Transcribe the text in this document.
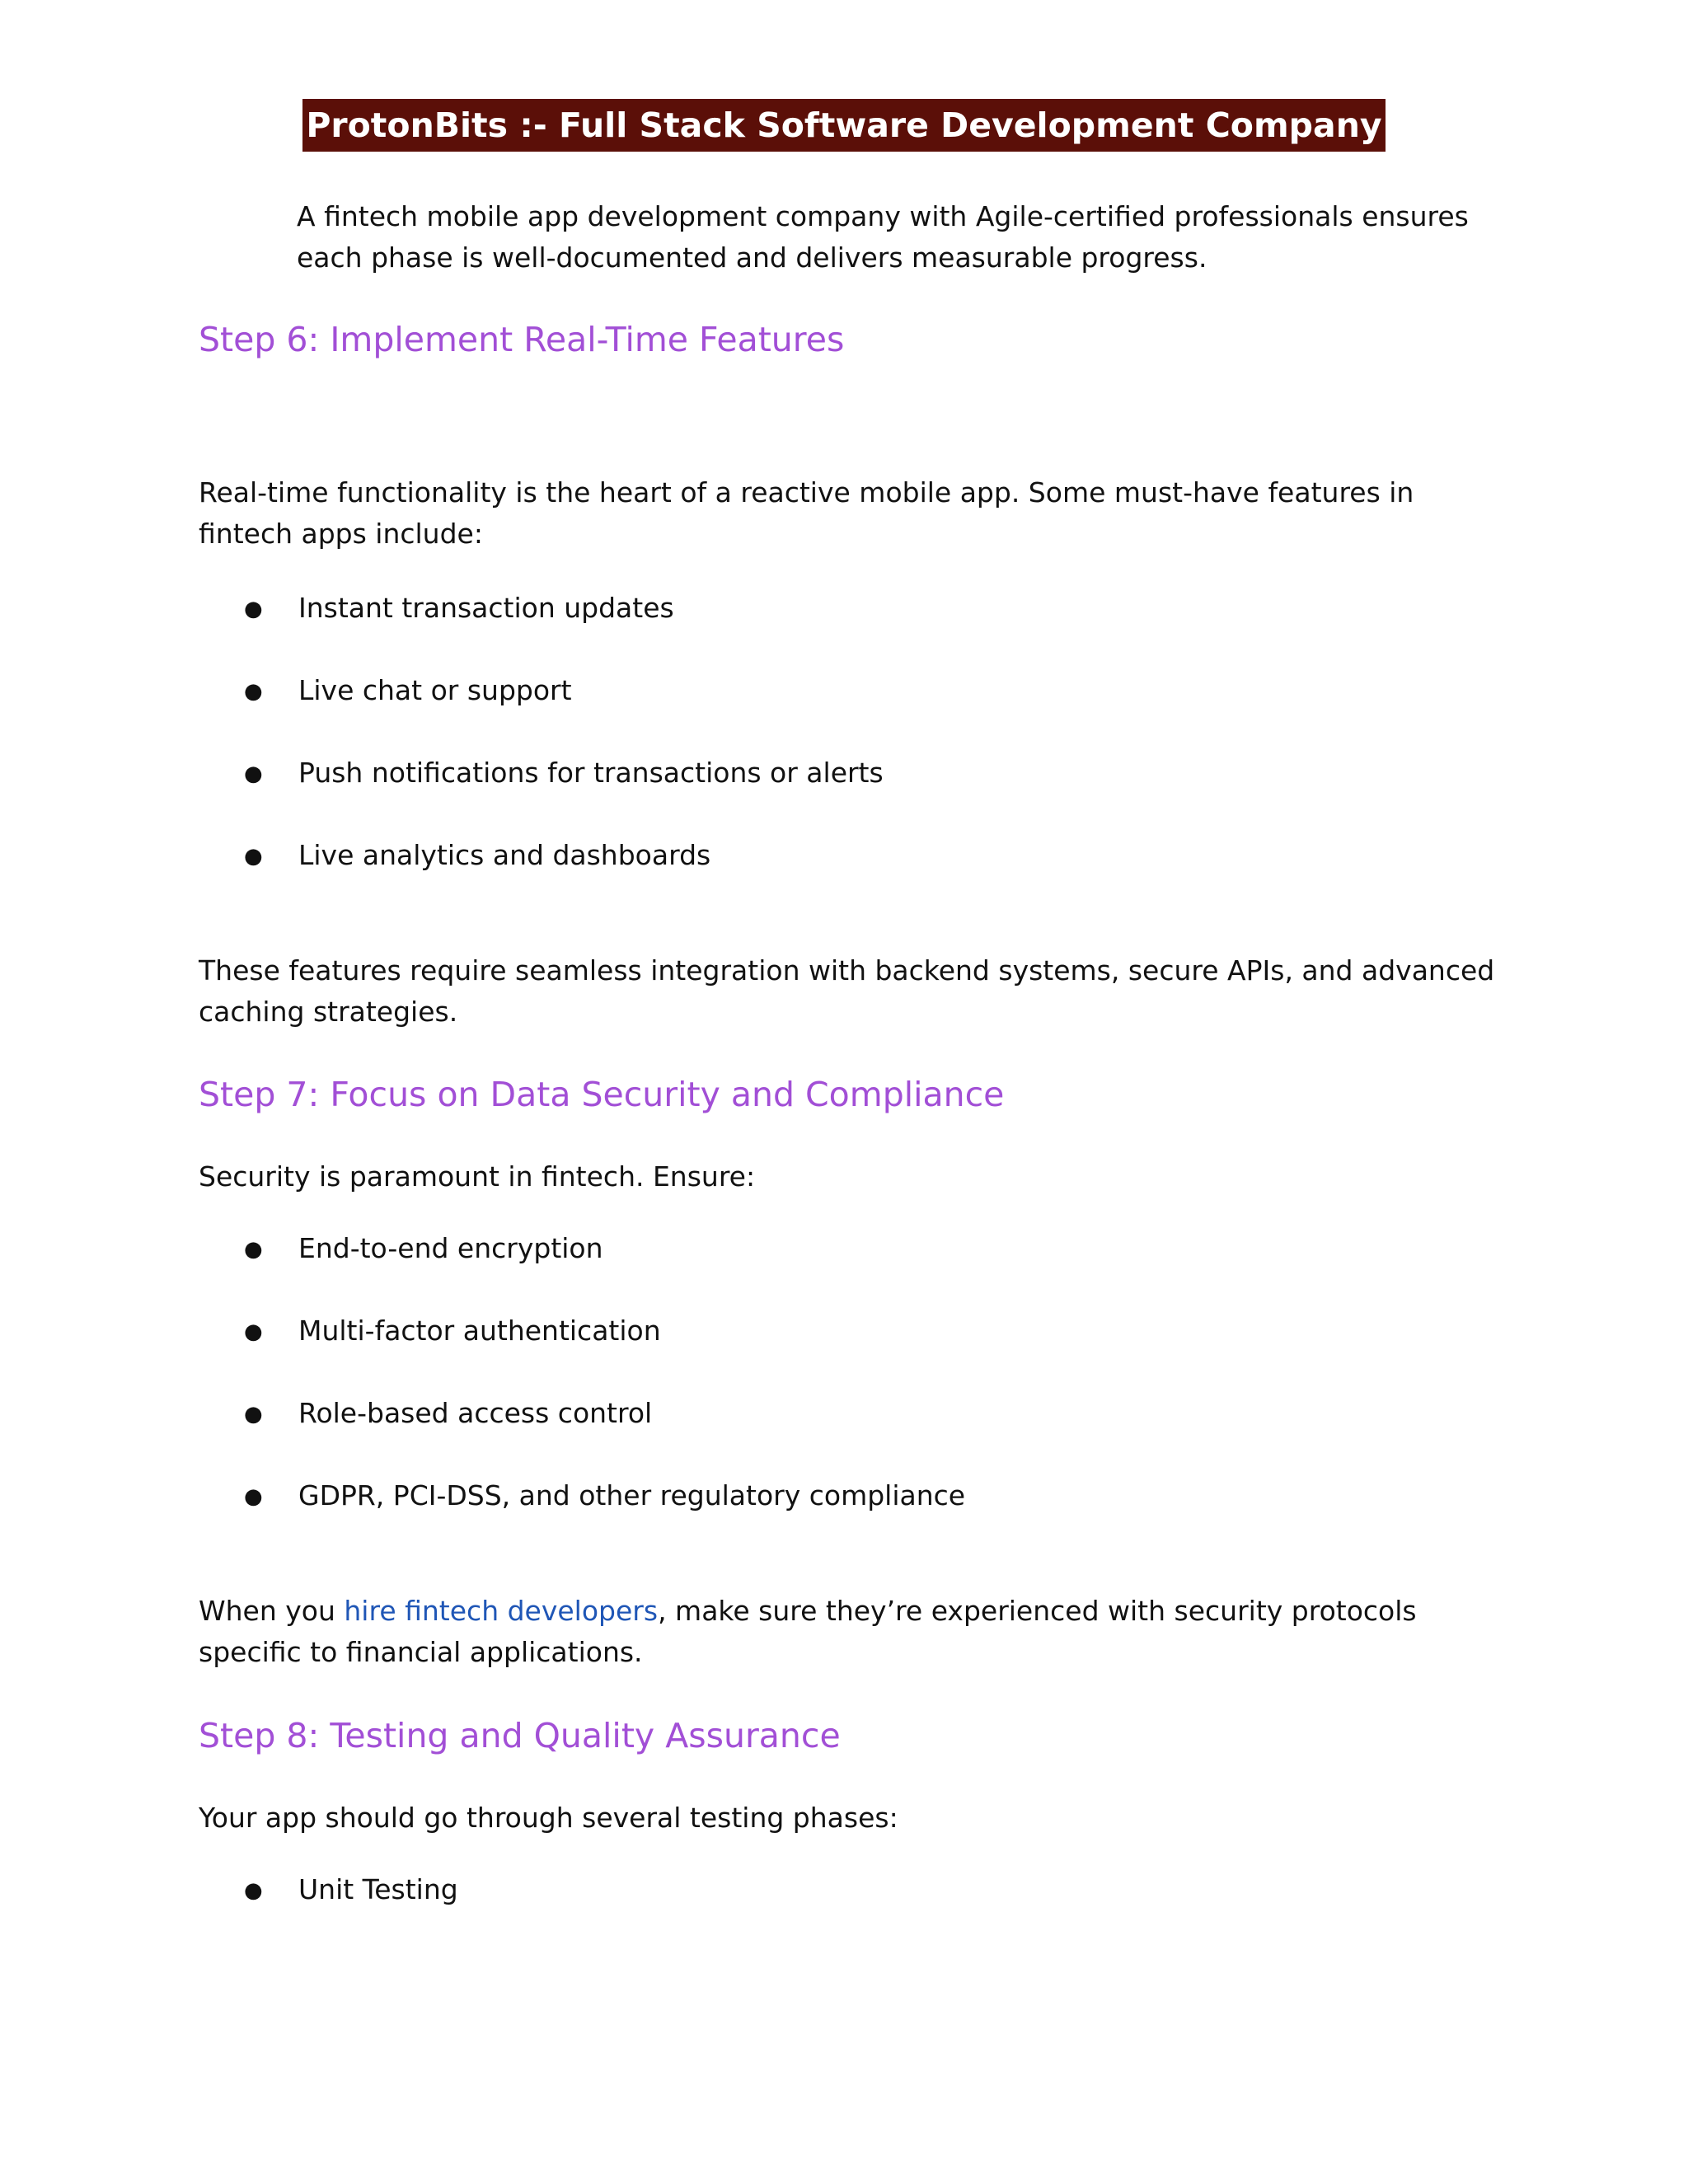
ProtonBits :- Full Stack Software Development Company

A fintech mobile app development company with Agile-certified professionals ensures each phase is well-documented and delivers measurable progress.

Step 6: Implement Real-Time Features

Real-time functionality is the heart of a reactive mobile app. Some must-have features in fintech apps include:

● Instant transaction updates
● Live chat or support
● Push notifications for transactions or alerts
● Live analytics and dashboards

These features require seamless integration with backend systems, secure APIs, and advanced caching strategies.

Step 7: Focus on Data Security and Compliance

Security is paramount in fintech. Ensure:

● End-to-end encryption
● Multi-factor authentication
● Role-based access control
● GDPR, PCI-DSS, and other regulatory compliance

When you hire fintech developers, make sure they’re experienced with security protocols specific to financial applications.

Step 8: Testing and Quality Assurance

Your app should go through several testing phases:

● Unit Testing
